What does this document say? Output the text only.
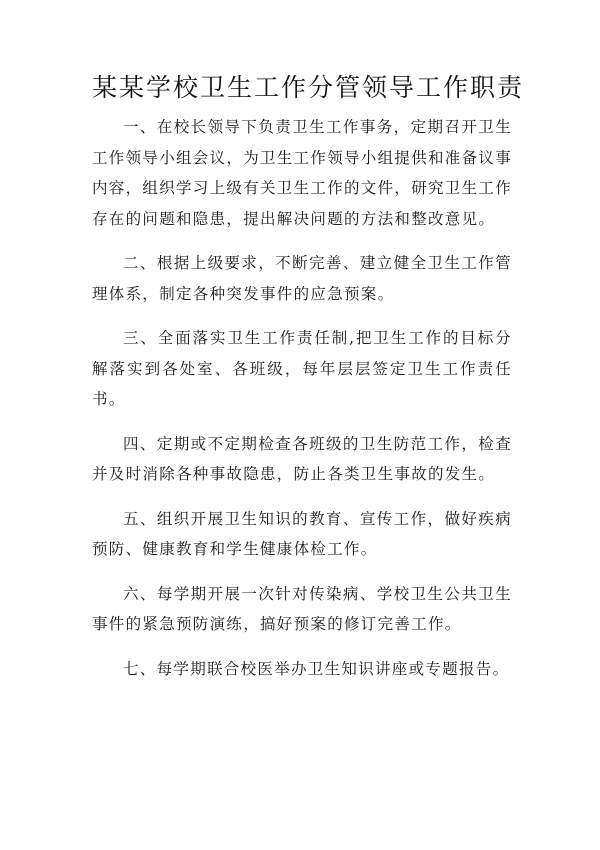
某某学校卫生工作分管领导工作职责

一、在校长领导下负责卫生工作事务，定期召开卫生工作领导小组会议，为卫生工作领导小组提供和准备议事内容，组织学习上级有关卫生工作的文件，研究卫生工作存在的问题和隐患，提出解决问题的方法和整改意见。

二、根据上级要求，不断完善、建立健全卫生工作管理体系，制定各种突发事件的应急预案。

三、全面落实卫生工作责任制,把卫生工作的目标分解落实到各处室、各班级，每年层层签定卫生工作责任书。

四、定期或不定期检查各班级的卫生防范工作，检查并及时消除各种事故隐患，防止各类卫生事故的发生。

五、组织开展卫生知识的教育、宣传工作，做好疾病预防、健康教育和学生健康体检工作。

六、每学期开展一次针对传染病、学校卫生公共卫生事件的紧急预防演练，搞好预案的修订完善工作。

七、每学期联合校医举办卫生知识讲座或专题报告。
